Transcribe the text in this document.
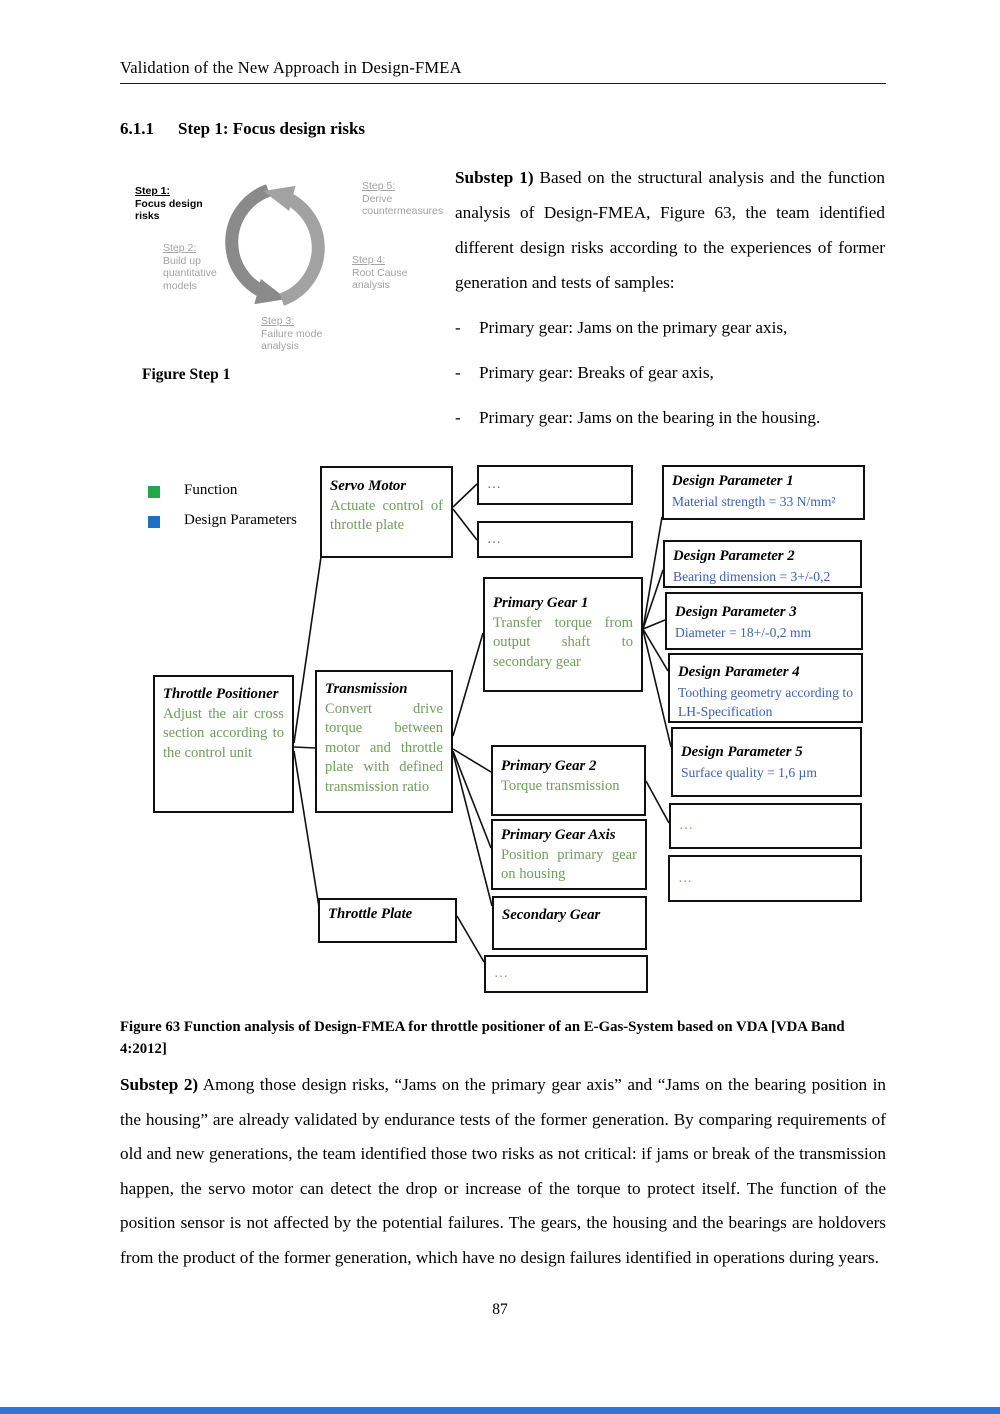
Validation of the New Approach in Design-FMEA
6.1.1 Step 1: Focus design risks
Step 1:
Focus design risks
Step 2:
Build up quantitative models
Step 3:
Failure mode analysis
Step 4:
Root Cause analysis
Step 5:
Derive countermeasures
Figure Step 1
Substep 1) Based on the structural analysis and the function analysis of Design-FMEA, Figure 63, the team identified different design risks according to the experiences of former generation and tests of samples:
-	Primary gear: Jams on the primary gear axis,
-	Primary gear: Breaks of gear axis,
-	Primary gear: Jams on the bearing in the housing.
Function
Design Parameters
Servo Motor
Actuate control of throttle plate
…
…
Primary Gear 1
Transfer torque from output shaft to secondary gear
Primary Gear 2
Torque transmission
Primary Gear Axis
Position primary gear on housing
Secondary Gear
…
Throttle Positioner
Adjust the air cross section according to the control unit
Transmission
Convert drive torque between motor and throttle plate with defined transmission ratio
Throttle Plate
Design Parameter 1
Material strength = 33 N/mm²
Design Parameter 2
Bearing dimension = 3+/-0,2
Design Parameter 3
Diameter = 18+/-0,2 mm
Design Parameter 4
Toothing geometry according to LH-Specification
Design Parameter 5
Surface quality = 1,6 µm
…
…
Figure 63 Function analysis of Design-FMEA for throttle positioner of an E-Gas-System based on VDA [VDA Band 4:2012]
Substep 2) Among those design risks, “Jams on the primary gear axis” and “Jams on the bearing position in the housing” are already validated by endurance tests of the former generation. By comparing requirements of old and new generations, the team identified those two risks as not critical: if jams or break of the transmission happen, the servo motor can detect the drop or increase of the torque to protect itself. The function of the position sensor is not affected by the potential failures. The gears, the housing and the bearings are holdovers from the product of the former generation, which have no design failures identified in operations during years.
87
